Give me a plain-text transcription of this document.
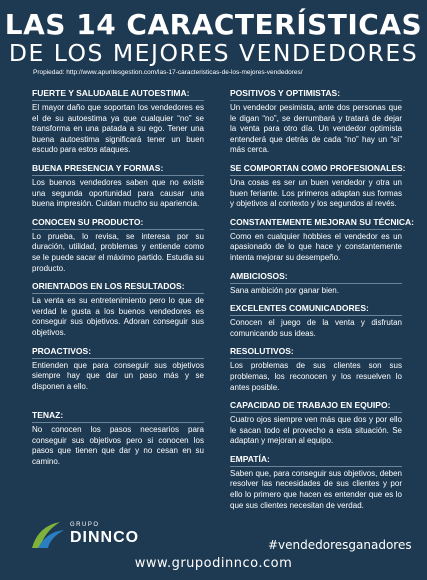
LAS 14 CARACTERÍSTICAS
DE LOS MEJORES VENDEDORES
Propiedad: http://www.apuntesgestion.com/las-17-caracteristicas-de-los-mejores-vendedores/
FUERTE Y SALUDABLE AUTOESTIMA:
El mayor daño que soportan los vendedores es el de su autoestima ya que cualquier “no” se transforma en una patada a su ego. Tener una buena autoestima significará tener un buen escudo para estos ataques.
BUENA PRESENCIA Y FORMAS:
Los buenos vendedores saben que no existe una segunda oportunidad para causar una buena impresión. Cuidan mucho su apariencia.
CONOCEN SU PRODUCTO:
Lo prueba, lo revisa, se interesa por su duración, utilidad, problemas y entiende como se le puede sacar el máximo partido. Estudia su producto.
ORIENTADOS EN LOS RESULTADOS:
La venta es su entretenimiento pero lo que de verdad le gusta a los buenos vendedores es conseguir sus objetivos. Adoran conseguir sus objetivos.
PROACTIVOS:
Entienden que para conseguir sus objetivos siempre hay que dar un paso más y se disponen a ello.
TENAZ:
No conocen los pasos necesarios para conseguir sus objetivos pero si conocen los pasos que tienen que dar y no cesan en su camino.
POSITIVOS Y OPTIMISTAS:
Un vendedor pesimista, ante dos personas que le digan “no”, se derrumbará y tratará de dejar la venta para otro día. Un vendedor optimista entenderá que detrás de cada “no” hay un “sí” más cerca.
SE COMPORTAN COMO PROFESIONALES:
Una cosas es ser un buen vendedor y otra un buen feriante. Los primeros adaptan sus formas y objetivos al contexto y los segundos al revés.
CONSTANTEMENTE MEJORAN SU TÉCNICA:
Como en cualquier hobbies el vendedor es un apasionado de lo que hace y constantemente intenta mejorar su desempeño.
AMBICIOSOS:
Sana ambición por ganar bien.
EXCELENTES COMUNICADORES:
Conocen el juego de la venta y disfrutan comunicando sus ideas.
RESOLUTIVOS:
Los problemas de sus clientes son sus problemas, los reconocen y los resuelven lo antes posible.
CAPACIDAD DE TRABAJO EN EQUIPO:
Cuatro ojos siempre ven más que dos y por ello le sacan todo el provecho a esta situación. Se adaptan y mejoran al equipo.
EMPATÍA:
Saben que, para conseguir sus objetivos, deben resolver las necesidades de sus clientes y por ello lo primero que hacen es entender que es lo que sus clientes necesitan de verdad.
GRUPO
DINNCO	#vendedoresganadores
www.grupodinnco.com
